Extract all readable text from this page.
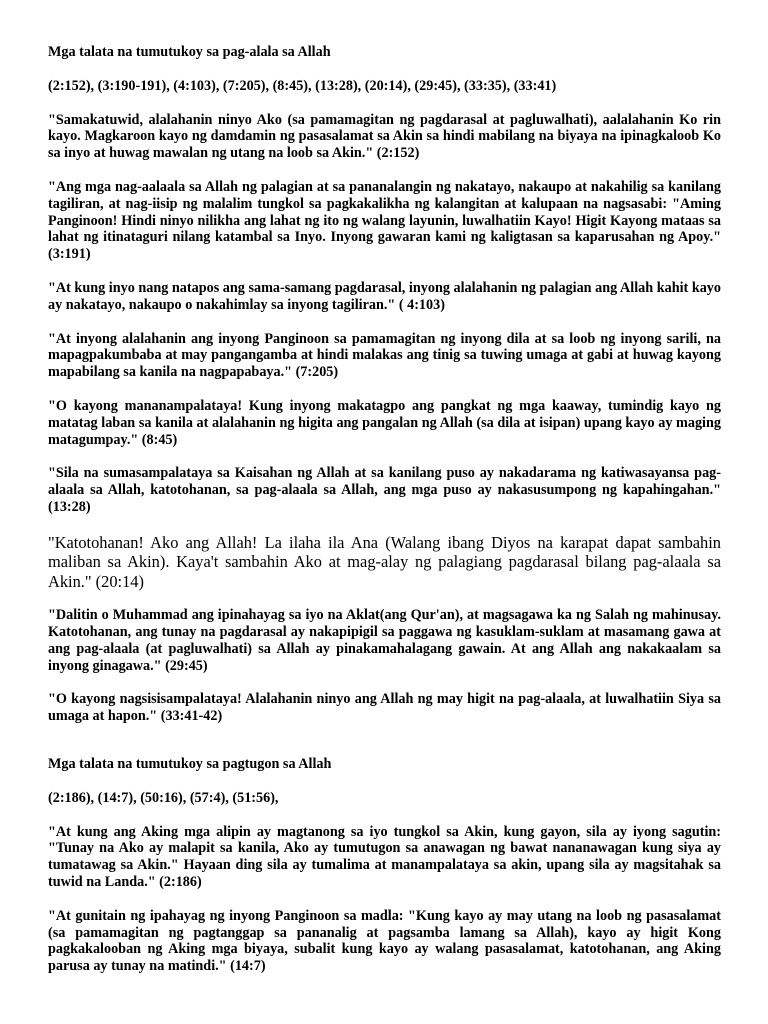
Mga talata na tumutukoy sa pag-alala sa Allah

(2:152), (3:190-191), (4:103), (7:205), (8:45), (13:28), (20:14), (29:45), (33:35), (33:41)

"Samakatuwid, alalahanin ninyo Ako (sa pamamagitan ng pagdarasal at pagluwalhati), aalalahanin Ko rin kayo. Magkaroon kayo ng damdamin ng pasasalamat sa Akin sa hindi mabilang na biyaya na ipinagkaloob Ko sa inyo at huwag mawalan ng utang na loob sa Akin." (2:152)

"Ang mga nag-aalaala sa Allah ng palagian at sa pananalangin ng nakatayo, nakaupo at nakahilig sa kanilang tagiliran, at nag-iisip ng malalim tungkol sa pagkakalikha ng kalangitan at kalupaan na nagsasabi: "Aming Panginoon! Hindi ninyo nilikha ang lahat ng ito ng walang layunin, luwalhatiin Kayo! Higit Kayong mataas sa lahat ng itinataguri nilang katambal sa Inyo. Inyong gawaran kami ng kaligtasan sa kaparusahan ng Apoy." (3:191)

"At kung inyo nang natapos ang sama-samang pagdarasal, inyong alalahanin ng palagian ang Allah kahit kayo ay nakatayo, nakaupo o nakahimlay sa inyong tagiliran." ( 4:103)

"At inyong alalahanin ang inyong Panginoon sa pamamagitan ng inyong dila at sa loob ng inyong sarili, na mapagpakumbaba at may pangangamba at hindi malakas ang tinig sa tuwing umaga at gabi at huwag kayong mapabilang sa kanila na nagpapabaya." (7:205)

"O kayong mananampalataya! Kung inyong makatagpo ang pangkat ng mga kaaway, tumindig kayo ng matatag laban sa kanila at alalahanin ng higita ang pangalan ng Allah (sa dila at isipan) upang kayo ay maging matagumpay." (8:45)

"Sila na sumasampalataya sa Kaisahan ng Allah at sa kanilang puso ay nakadarama ng katiwasayansa pag-alaala sa Allah, katotohanan, sa pag-alaala sa Allah, ang mga puso ay nakasusumpong ng kapahingahan." (13:28)

"Katotohanan! Ako ang Allah! La ilaha ila Ana (Walang ibang Diyos na karapat dapat sambahin maliban sa Akin). Kaya't sambahin Ako at mag-alay ng palagiang pagdarasal bilang pag-alaala sa Akin." (20:14)

"Dalitin o Muhammad ang ipinahayag sa iyo na Aklat(ang Qur'an), at magsagawa ka ng Salah ng mahinusay. Katotohanan, ang tunay na pagdarasal ay nakapipigil sa paggawa ng kasuklam-suklam at masamang gawa at ang pag-alaala (at pagluwalhati) sa Allah ay pinakamahalagang gawain. At ang Allah ang nakakaalam sa inyong ginagawa." (29:45)

"O kayong nagsisisampalataya! Alalahanin ninyo ang Allah ng may higit na pag-alaala, at luwalhatiin Siya sa umaga at hapon." (33:41-42)

Mga talata na tumutukoy sa pagtugon sa Allah

(2:186), (14:7), (50:16), (57:4), (51:56),

"At kung ang Aking mga alipin ay magtanong sa iyo tungkol sa Akin, kung gayon, sila ay iyong sagutin: "Tunay na Ako ay malapit sa kanila, Ako ay tumutugon sa anawagan ng bawat nananawagan kung siya ay tumatawag sa Akin." Hayaan ding sila ay tumalima at manampalataya sa akin, upang sila ay magsitahak sa tuwid na Landa." (2:186)

"At gunitain ng ipahayag ng inyong Panginoon sa madla: "Kung kayo ay may utang na loob ng pasasalamat (sa pamamagitan ng pagtanggap sa pananalig at pagsamba lamang sa Allah), kayo ay higit Kong pagkakalooban ng Aking mga biyaya, subalit kung kayo ay walang pasasalamat, katotohanan, ang Aking parusa ay tunay na matindi." (14:7)
